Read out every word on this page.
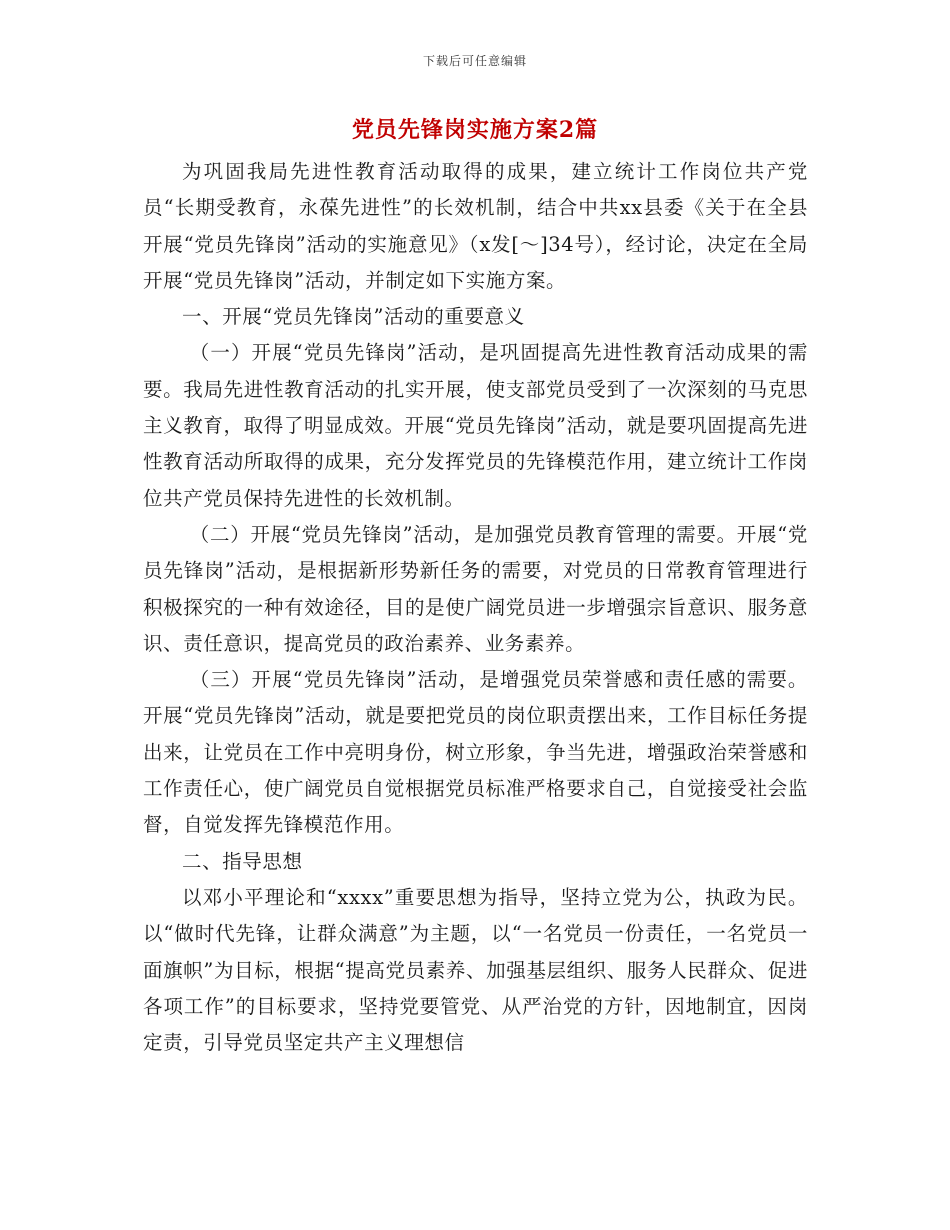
下载后可任意编辑
党员先锋岗实施方案2篇

为巩固我局先进性教育活动取得的成果，建立统计工作岗位共产党员“长期受教育，永葆先进性”的长效机制，结合中共xx县委《关于在全县开展“党员先锋岗”活动的实施意见》（x发[～]34号），经讨论，决定在全局开展“党员先锋岗”活动，并制定如下实施方案。

一、开展“党员先锋岗”活动的重要意义

（一）开展“党员先锋岗”活动，是巩固提高先进性教育活动成果的需要。我局先进性教育活动的扎实开展，使支部党员受到了一次深刻的马克思主义教育，取得了明显成效。开展“党员先锋岗”活动，就是要巩固提高先进性教育活动所取得的成果，充分发挥党员的先锋模范作用，建立统计工作岗位共产党员保持先进性的长效机制。

（二）开展“党员先锋岗”活动，是加强党员教育管理的需要。开展“党员先锋岗”活动，是根据新形势新任务的需要，对党员的日常教育管理进行积极探究的一种有效途径，目的是使广阔党员进一步增强宗旨意识、服务意识、责任意识，提高党员的政治素养、业务素养。

（三）开展“党员先锋岗”活动，是增强党员荣誉感和责任感的需要。开展“党员先锋岗”活动，就是要把党员的岗位职责摆出来，工作目标任务提出来，让党员在工作中亮明身份，树立形象，争当先进，增强政治荣誉感和工作责任心，使广阔党员自觉根据党员标准严格要求自己，自觉接受社会监督，自觉发挥先锋模范作用。

二、指导思想

以邓小平理论和“xxxx”重要思想为指导，坚持立党为公，执政为民。以“做时代先锋，让群众满意”为主题，以“一名党员一份责任，一名党员一面旗帜”为目标，根据“提高党员素养、加强基层组织、服务人民群众、促进各项工作”的目标要求，坚持党要管党、从严治党的方针，因地制宜，因岗定责，引导党员坚定共产主义理想信
